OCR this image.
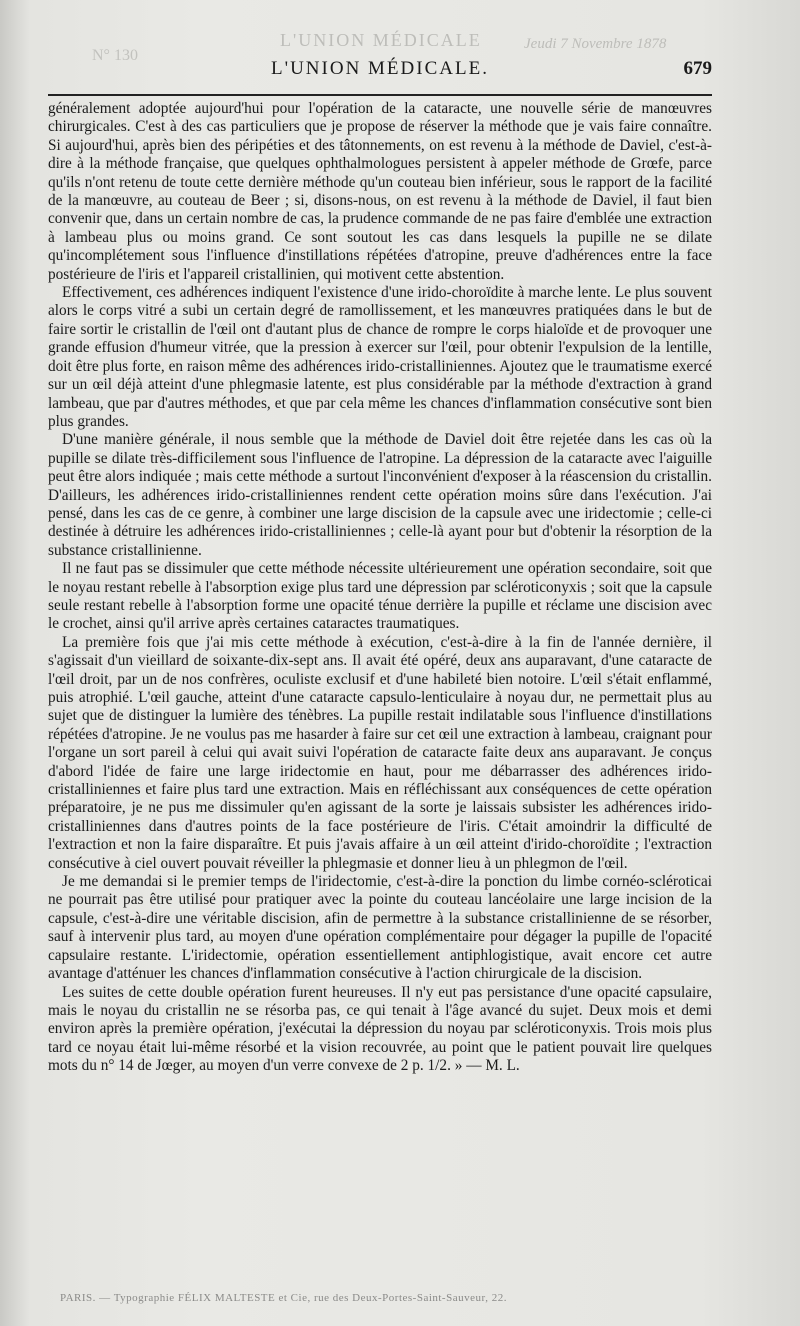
N° 130
L'UNION MÉDICALE	Jeudi 7 Novembre 1878
L'UNION MÉDICALE.	679

généralement adoptée aujourd'hui pour l'opération de la cataracte, une nouvelle série de manœuvres chirurgicales. C'est à des cas particuliers que je propose de réserver la méthode que je vais faire connaître. Si aujourd'hui, après bien des péripéties et des tâtonnements, on est revenu à la méthode de Daviel, c'est-à-dire à la méthode française, que quelques ophthalmologues persistent à appeler méthode de Grœfe, parce qu'ils n'ont retenu de toute cette dernière méthode qu'un couteau bien inférieur, sous le rapport de la facilité de la manœuvre, au couteau de Beer ; si, disons-nous, on est revenu à la méthode de Daviel, il faut bien convenir que, dans un certain nombre de cas, la prudence commande de ne pas faire d'emblée une extraction à lambeau plus ou moins grand. Ce sont soutout les cas dans lesquels la pupille ne se dilate qu'incomplétement sous l'influence d'instillations répétées d'atropine, preuve d'adhérences entre la face postérieure de l'iris et l'appareil cristallinien, qui motivent cette abstention.

Effectivement, ces adhérences indiquent l'existence d'une irido-choroïdite à marche lente. Le plus souvent alors le corps vitré a subi un certain degré de ramollissement, et les manœuvres pratiquées dans le but de faire sortir le cristallin de l'œil ont d'autant plus de chance de rompre le corps hialoïde et de provoquer une grande effusion d'humeur vitrée, que la pression à exercer sur l'œil, pour obtenir l'expulsion de la lentille, doit être plus forte, en raison même des adhérences irido-cristalliniennes. Ajoutez que le traumatisme exercé sur un œil déjà atteint d'une phlegmasie latente, est plus considérable par la méthode d'extraction à grand lambeau, que par d'autres méthodes, et que par cela même les chances d'inflammation consécutive sont bien plus grandes.

D'une manière générale, il nous semble que la méthode de Daviel doit être rejetée dans les cas où la pupille se dilate très-difficilement sous l'influence de l'atropine. La dépression de la cataracte avec l'aiguille peut être alors indiquée ; mais cette méthode a surtout l'inconvénient d'exposer à la réascension du cristallin. D'ailleurs, les adhérences irido-cristalliniennes rendent cette opération moins sûre dans l'exécution. J'ai pensé, dans les cas de ce genre, à combiner une large discision de la capsule avec une iridectomie ; celle-ci destinée à détruire les adhérences irido-cristalliniennes ; celle-là ayant pour but d'obtenir la résorption de la substance cristallinienne.

Il ne faut pas se dissimuler que cette méthode nécessite ultérieurement une opération secondaire, soit que le noyau restant rebelle à l'absorption exige plus tard une dépression par scléroticonyxis ; soit que la capsule seule restant rebelle à l'absorption forme une opacité ténue derrière la pupille et réclame une discision avec le crochet, ainsi qu'il arrive après certaines cataractes traumatiques.

La première fois que j'ai mis cette méthode à exécution, c'est-à-dire à la fin de l'année dernière, il s'agissait d'un vieillard de soixante-dix-sept ans. Il avait été opéré, deux ans auparavant, d'une cataracte de l'œil droit, par un de nos confrères, oculiste exclusif et d'une habileté bien notoire. L'œil s'était enflammé, puis atrophié. L'œil gauche, atteint d'une cataracte capsulo-lenticulaire à noyau dur, ne permettait plus au sujet que de distinguer la lumière des ténèbres. La pupille restait indilatable sous l'influence d'instillations répétées d'atropine. Je ne voulus pas me hasarder à faire sur cet œil une extraction à lambeau, craignant pour l'organe un sort pareil à celui qui avait suivi l'opération de cataracte faite deux ans auparavant. Je conçus d'abord l'idée de faire une large iridectomie en haut, pour me débarrasser des adhérences irido-cristalliniennes et faire plus tard une extraction. Mais en réfléchissant aux conséquences de cette opération préparatoire, je ne pus me dissimuler qu'en agissant de la sorte je laissais subsister les adhérences irido-cristalliniennes dans d'autres points de la face postérieure de l'iris. C'était amoindrir la difficulté de l'extraction et non la faire disparaître. Et puis j'avais affaire à un œil atteint d'irido-choroïdite ; l'extraction consécutive à ciel ouvert pouvait réveiller la phlegmasie et donner lieu à un phlegmon de l'œil.

Je me demandai si le premier temps de l'iridectomie, c'est-à-dire la ponction du limbe cornéo-scléroticai ne pourrait pas être utilisé pour pratiquer avec la pointe du couteau lancéolaire une large incision de la capsule, c'est-à-dire une véritable discision, afin de permettre à la substance cristallinienne de se résorber, sauf à intervenir plus tard, au moyen d'une opération complémentaire pour dégager la pupille de l'opacité capsulaire restante. L'iridectomie, opération essentiellement antiphlogistique, avait encore cet autre avantage d'atténuer les chances d'inflammation consécutive à l'action chirurgicale de la discision.

Les suites de cette double opération furent heureuses. Il n'y eut pas persistance d'une opacité capsulaire, mais le noyau du cristallin ne se résorba pas, ce qui tenait à l'âge avancé du sujet. Deux mois et demi environ après la première opération, j'exécutai la dépression du noyau par scléroticonyxis. Trois mois plus tard ce noyau était lui-même résorbé et la vision recouvrée, au point que le patient pouvait lire quelques mots du n° 14 de Jœger, au moyen d'un verre convexe de 2 p. 1/2. » — M. L.

PARIS. — Typographie FÉLIX MALTESTE et Cie, rue des Deux-Portes-Saint-Sauveur, 22.
